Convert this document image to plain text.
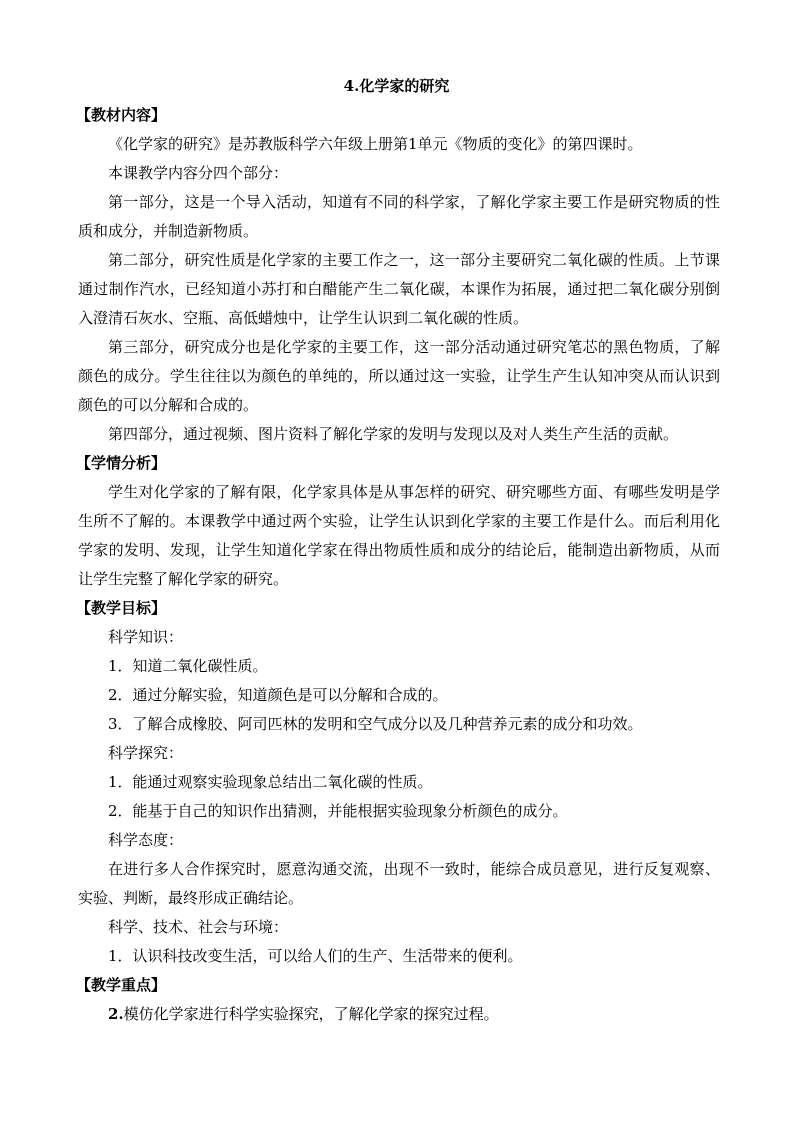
4.化学家的研究
【教材内容】

《化学家的研究》是苏教版科学六年级上册第1单元《物质的变化》的第四课时。

本课教学内容分四个部分：

第一部分，这是一个导入活动，知道有不同的科学家，了解化学家主要工作是研究物质的性质和成分，并制造新物质。

第二部分，研究性质是化学家的主要工作之一，这一部分主要研究二氧化碳的性质。上节课通过制作汽水，已经知道小苏打和白醋能产生二氧化碳，本课作为拓展，通过把二氧化碳分别倒入澄清石灰水、空瓶、高低蜡烛中，让学生认识到二氧化碳的性质。

第三部分，研究成分也是化学家的主要工作，这一部分活动通过研究笔芯的黑色物质，了解颜色的成分。学生往往以为颜色的单纯的，所以通过这一实验，让学生产生认知冲突从而认识到颜色的可以分解和合成的。

第四部分，通过视频、图片资料了解化学家的发明与发现以及对人类生产生活的贡献。

【学情分析】

学生对化学家的了解有限，化学家具体是从事怎样的研究、研究哪些方面、有哪些发明是学生所不了解的。本课教学中通过两个实验，让学生认识到化学家的主要工作是什么。而后利用化学家的发明、发现，让学生知道化学家在得出物质性质和成分的结论后，能制造出新物质，从而让学生完整了解化学家的研究。

【教学目标】

科学知识：

1．知道二氧化碳性质。

2．通过分解实验，知道颜色是可以分解和合成的。

3．了解合成橡胶、阿司匹林的发明和空气成分以及几种营养元素的成分和功效。

科学探究：

1．能通过观察实验现象总结出二氧化碳的性质。

2．能基于自己的知识作出猜测，并能根据实验现象分析颜色的成分。

科学态度：

在进行多人合作探究时，愿意沟通交流，出现不一致时，能综合成员意见，进行反复观察、实验、判断，最终形成正确结论。

科学、技术、社会与环境：

1．认识科技改变生活，可以给人们的生产、生活带来的便利。

【教学重点】

2.模仿化学家进行科学实验探究，了解化学家的探究过程。
